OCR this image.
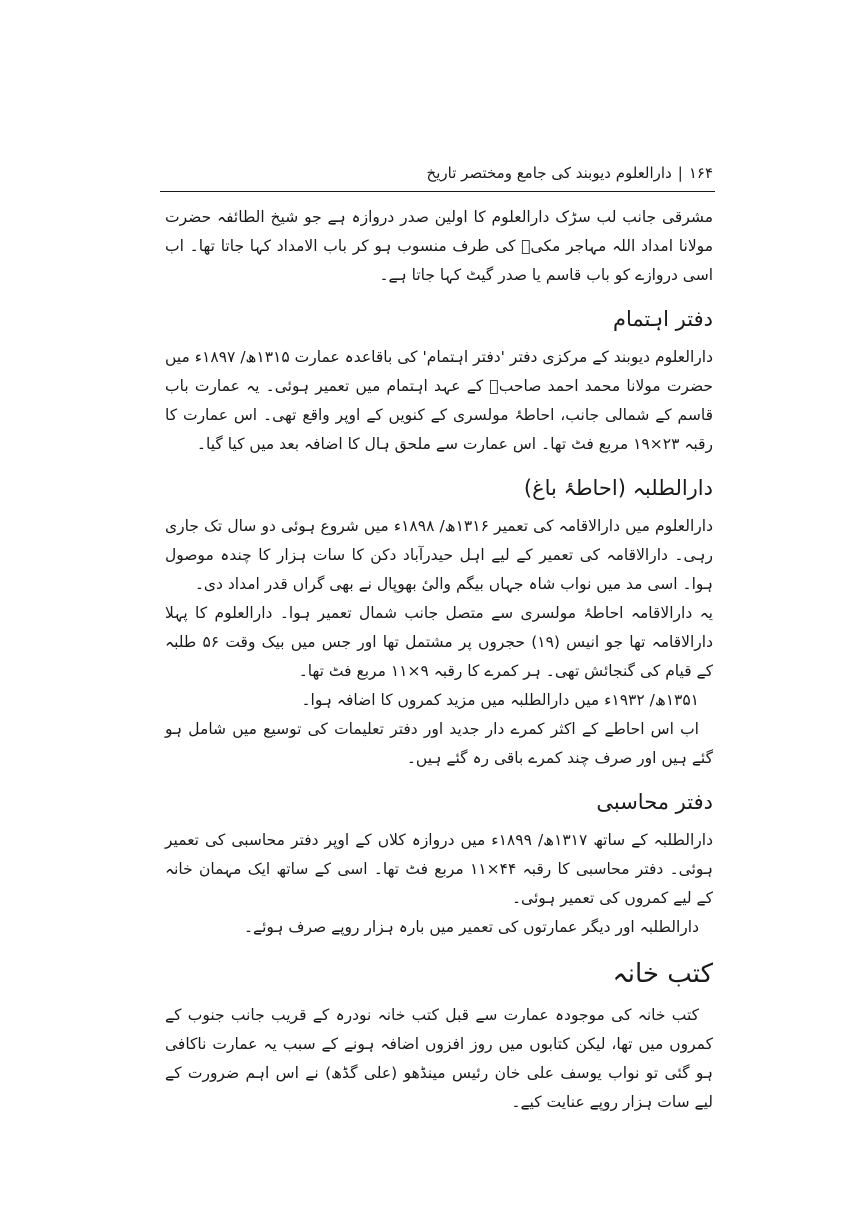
۱۶۴|دارالعلوم دیوبند کی جامع ومختصر تاریخ

مشرقی جانب لب سڑک دارالعلوم کا اولین صدر دروازہ ہے جو شیخ الطائفہ حضرت مولانا امداد اللہ مہاجر مکیؒ کی طرف منسوب ہو کر باب الامداد کہا جاتا تھا۔ اب اسی دروازے کو باب قاسم یا صدر گیٹ کہا جاتا ہے۔

دفتر اہتمام

دارالعلوم دیوبند کے مرکزی دفتر 'دفتر اہتمام' کی باقاعدہ عمارت ۱۳۱۵ھ/ ۱۸۹۷ء میں حضرت مولانا محمد احمد صاحبؒ کے عہد اہتمام میں تعمیر ہوئی۔ یہ عمارت باب قاسم کے شمالی جانب، احاطۂ مولسری کے کنویں کے اوپر واقع تھی۔ اس عمارت کا رقبہ ۲۳×۱۹ مربع فٹ تھا۔ اس عمارت سے ملحق ہال کا اضافہ بعد میں کیا گیا۔

دارالطلبہ (احاطۂ باغ)

دارالعلوم میں دارالاقامہ کی تعمیر ۱۳۱۶ھ/ ۱۸۹۸ء میں شروع ہوئی دو سال تک جاری رہی۔ دارالاقامہ کی تعمیر کے لیے اہل حیدرآباد دکن کا سات ہزار کا چندہ موصول ہوا۔ اسی مد میں نواب شاہ جہاں بیگم والیٔ بھوپال نے بھی گراں قدر امداد دی۔

یہ دارالاقامہ احاطۂ مولسری سے متصل جانب شمال تعمیر ہوا۔ دارالعلوم کا پہلا دارالاقامہ تھا جو انیس (۱۹) حجروں پر مشتمل تھا اور جس میں بیک وقت ۵۶ طلبہ کے قیام کی گنجائش تھی۔ ہر کمرے کا رقبہ ۹×۱۱ مربع فٹ تھا۔

۱۳۵۱ھ/ ۱۹۳۲ء میں دارالطلبہ میں مزید کمروں کا اضافہ ہوا۔

اب اس احاطے کے اکثر کمرے دار جدید اور دفتر تعلیمات کی توسیع میں شامل ہو گئے ہیں اور صرف چند کمرے باقی رہ گئے ہیں۔

دفتر محاسبی

دارالطلبہ کے ساتھ ۱۳۱۷ھ/ ۱۸۹۹ء میں دروازہ کلاں کے اوپر دفتر محاسبی کی تعمیر ہوئی۔ دفتر محاسبی کا رقبہ ۴۴×۱۱ مربع فٹ تھا۔ اسی کے ساتھ ایک مہمان خانہ کے لیے کمروں کی تعمیر ہوئی۔

دارالطلبہ اور دیگر عمارتوں کی تعمیر میں بارہ ہزار روپے صرف ہوئے۔

کتب خانہ

کتب خانہ کی موجودہ عمارت سے قبل کتب خانہ نودرہ کے قریب جانب جنوب کے کمروں میں تھا، لیکن کتابوں میں روز افزوں اضافہ ہونے کے سبب یہ عمارت ناکافی ہو گئی تو نواب یوسف علی خان رئیس مینڈھو (علی گڈھ) نے اس اہم ضرورت کے لیے سات ہزار روپے عنایت کیے۔
